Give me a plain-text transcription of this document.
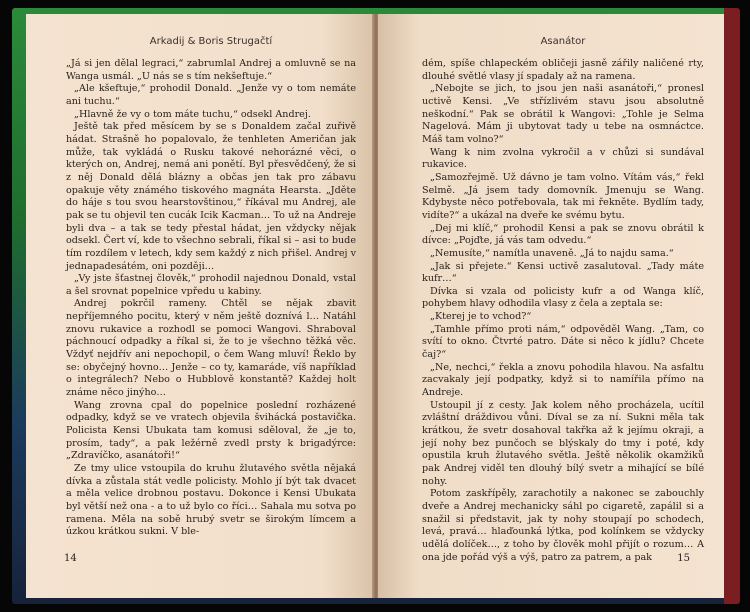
Arkadij & Boris Strugačtí

„Já si jen dělal legraci,“ zabrumlal Andrej a omluvně se na Wanga usmál. „U nás se s tím nekšeftuje.“

„Ale kšeftuje,“ prohodil Donald. „Jenže vy o tom nemáte ani tuchu.“

„Hlavně že vy o tom máte tuchu,“ odsekl Andrej.

Ještě tak před měsícem by se s Donaldem začal zuřivě hádat. Strašně ho popalovalo, že tenhleten Američan jak může, tak vykládá o Rusku takové nehorázné věci, o kterých on, Andrej, nemá ani ponětí. Byl přesvědčený, že si z něj Donald dělá blázny a občas jen tak pro zábavu opakuje věty známého tiskového magnáta Hearsta. „Jděte do háje s tou svou hearstovštinou,“ říkával mu Andrej, ale pak se tu objevil ten cucák Icik Kacman… To už na Andreje byli dva – a tak se tedy přestal hádat, jen vždycky nějak odsekl. Čert ví, kde to všechno sebrali, říkal si – asi to bude tím rozdílem v letech, kdy sem každý z nich přišel. Andrej v jednapadesátém, oni později…

„Vy jste šťastnej člověk,“ prohodil najednou Donald, vstal a šel srovnat popelnice vpředu u kabiny.

Andrej pokrčil rameny. Chtěl se nějak zbavit nepříjemného pocitu, který v něm ještě doznívá l… Natáhl znovu rukavice a rozhodl se pomoci Wangovi. Shraboval páchnoucí odpadky a říkal si, že to je všechno těžká věc. Vždyť nejdřív ani nepochopil, o čem Wang mluví! Řeklo by se: obyčejný hovno… Jenže – co ty, kamaráde, víš například o integrálech? Nebo o Hubblově konstantě? Každej holt známe něco jinýho…

Wang zrovna cpal do popelnice poslední rozházené odpadky, když se ve vratech objevila švihácká postavička. Policista Kensi Ubukata tam komusi sděloval, že „je to, prosím, tady“, a pak ležérně zvedl prsty k brigadýrce: „Zdravíčko, asanátoři!“

Ze tmy ulice vstoupila do kruhu žlutavého světla nějaká dívka a zůstala stát vedle policisty. Mohlo jí být tak dvacet a měla velice drobnou postavu. Dokonce i Kensi Ubukata byl větší než ona - a to už bylo co říci… Sahala mu sotva po ramena. Měla na sobě hrubý svetr se širokým límcem a úzkou krátkou sukni. V ble-

14
Asanátor

dém, spíše chlapeckém obličeji jasně zářily naličené rty, dlouhé světlé vlasy jí spadaly až na ramena.

„Nebojte se jich, to jsou jen naši asanátoři,“ pronesl uctivě Kensi. „Ve střízlivém stavu jsou absolutně neškodní.“ Pak se obrátil k Wangovi: „Tohle je Selma Nagelová. Mám ji ubytovat tady u tebe na osmnáctce. Máš tam volno?“

Wang k nim zvolna vykročil a v chůzi si sundával rukavice.

„Samozřejmě. Už dávno je tam volno. Vítám vás,“ řekl Selmě. „Já jsem tady domovník. Jmenuju se Wang. Kdybyste něco potřebovala, tak mi řekněte. Bydlím tady, vidíte?“ a ukázal na dveře ke svému bytu.

„Dej mi klíč,“ prohodil Kensi a pak se znovu obrátil k dívce: „Pojďte, já vás tam odvedu.“

„Nemusíte,“ namítla unaveně. „Já to najdu sama.“

„Jak si přejete.“ Kensi uctivě zasalutoval. „Tady máte kufr…“

Dívka si vzala od policisty kufr a od Wanga klíč, pohybem hlavy odhodila vlasy z čela a zeptala se:

„Kterej je to vchod?“

„Tamhle přímo proti nám,“ odpověděl Wang. „Tam, co svítí to okno. Čtvrté patro. Dáte si něco k jídlu? Chcete čaj?“

„Ne, nechci,“ řekla a znovu pohodila hlavou. Na asfaltu zacvakaly její podpatky, když si to namířila přímo na Andreje.

Ustoupil jí z cesty. Jak kolem něho procházela, ucítil zvláštní dráždivou vůni. Díval se za ní. Sukni měla tak krátkou, že svetr dosahoval takřka až k jejímu okraji, a její nohy bez punčoch se blýskaly do tmy i poté, kdy opustila kruh žlutavého světla. Ještě několik okamžiků pak Andrej viděl ten dlouhý bílý svetr a mihající se bílé nohy.

Potom zaskřípěly, zarachotily a nakonec se zabouchly dveře a Andrej mechanicky sáhl po cigaretě, zapálil si a snažil si představit, jak ty nohy stoupají po schodech, levá, pravá… hlaďounká lýtka, pod kolínkem se vždycky udělá dolíček…, z toho by člověk mohl přijít o rozum… A ona jde pořád výš a výš, patro za patrem, a pak	15
